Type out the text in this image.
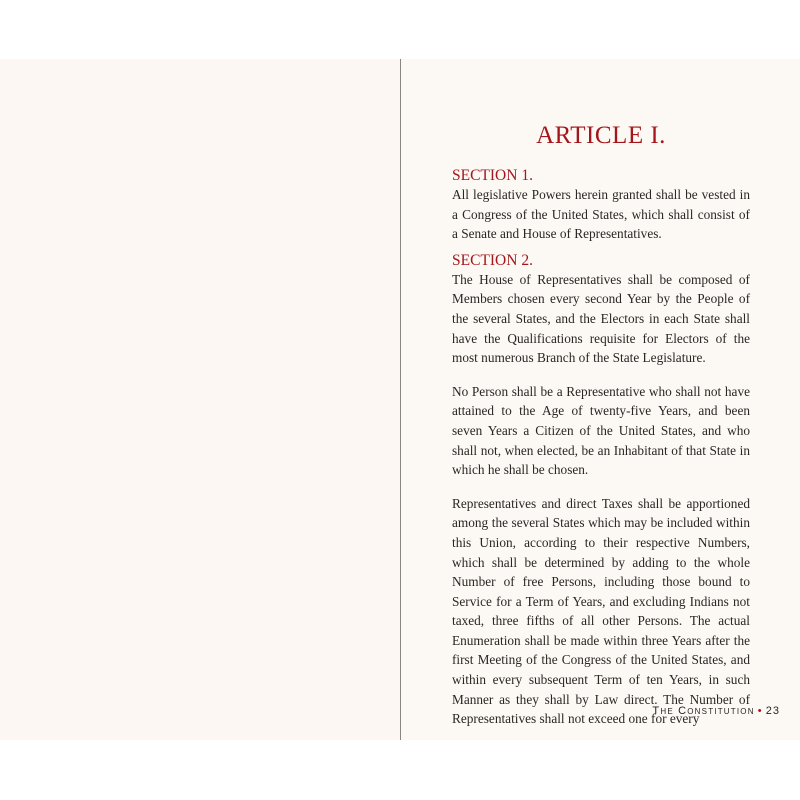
ARTICLE I.
SECTION 1.

All legislative Powers herein granted shall be vested in a Congress of the United States, which shall consist of a Senate and House of Representatives.

SECTION 2.

The House of Representatives shall be composed of Members chosen every second Year by the People of the several States, and the Electors in each State shall have the Qualifications requisite for Electors of the most numerous Branch of the State Legislature.

No Person shall be a Representative who shall not have attained to the Age of twenty-five Years, and been seven Years a Citizen of the United States, and who shall not, when elected, be an Inhabitant of that State in which he shall be chosen.

Representatives and direct Taxes shall be apportioned among the several States which may be included within this Union, according to their respective Numbers, which shall be determined by adding to the whole Number of free Persons, including those bound to Service for a Term of Years, and excluding Indians not taxed, three fifths of all other Persons. The actual Enumeration shall be made within three Years after the first Meeting of the Congress of the United States, and within every subsequent Term of ten Years, in such Manner as they shall by Law direct. The Number of Representatives shall not exceed one for every

The Constitution • 23
